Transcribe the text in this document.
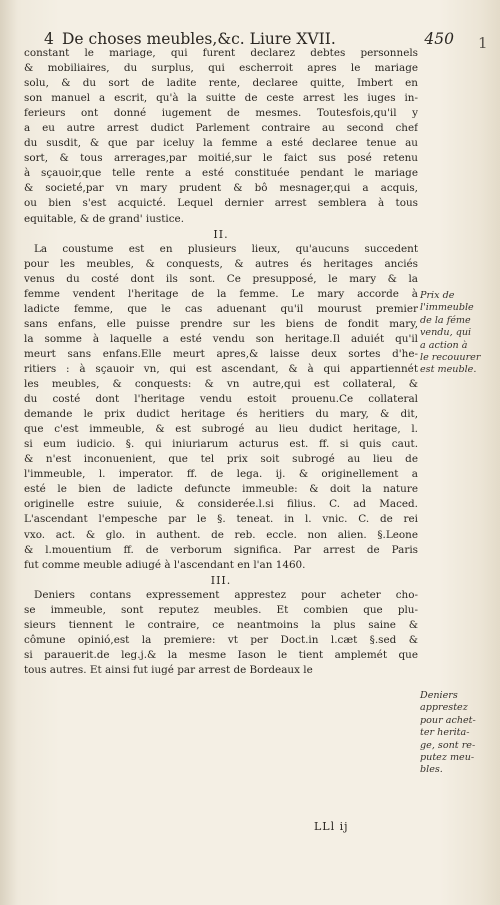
4 De choses meubles,&c. Liure XVII.	450 1
constant le mariage, qui furent declarez debtes personnels
& mobiliaires, du surplus, qui escherroit apres le mariage
solu, & du sort de ladite rente, declaree quitte, Imbert en
son manuel a escrit, qu'à la suitte de ceste arrest les iuges in-
ferieurs ont donné iugement de mesmes. Toutesfois,qu'il y
a eu autre arrest dudict Parlement contraire au second chef
du susdit, & que par iceluy la femme a esté declaree tenue au
sort, & tous arrerages,par moitié,sur le faict sus posé retenu
à sçauoir,que telle rente a esté constituée pendant le mariage
& societé,par vn mary prudent & bô mesnager,qui a acquis,
ou bien s'est acquicté. Lequel dernier arrest semblera à tous
equitable, & de grand' iustice.
II.
La coustume est en plusieurs lieux, qu'aucuns succedent
pour les meubles, & conquests, & autres és heritages anciés
venus du costé dont ils sont. Ce presupposé, le mary & la
femme vendent l'heritage de la femme. Le mary accorde à
ladicte femme, que le cas aduenant qu'il mourust premier
sans enfans, elle puisse prendre sur les biens de fondit mary,
la somme à laquelle a esté vendu son heritage.Il aduiét qu'il
meurt sans enfans.Elle meurt apres,& laisse deux sortes d'he-
ritiers : à sçauoir vn, qui est ascendant, & à qui appartiennét
les meubles, & conquests: & vn autre,qui est collateral, &
du costé dont l'heritage vendu estoit prouenu.Ce collateral
demande le prix dudict heritage és heritiers du mary, & dit,
que c'est immeuble, & est subrogé au lieu dudict heritage, l.
si eum iudicio. §. qui iniuriarum acturus est. ff. si quis caut.
& n'est inconuenient, que tel prix soit subrogé au lieu de
l'immeuble, l. imperator. ff. de lega. ij. & originellement a
esté le bien de ladicte defuncte immeuble: & doit la nature
originelle estre suiuie, & considerée.l.si filius. C. ad Maced.
L'ascendant l'empesche par le §. teneat. in l. vnic. C. de rei
vxo. act. & glo. in authent. de reb. eccle. non alien. §.Leone
& l.mouentium ff. de verborum significa. Par arrest de Paris
fut comme meuble adiugé à l'ascendant en l'an 1460.
III.
Deniers contans expressement apprestez pour acheter cho-
se immeuble, sont reputez meubles. Et combien que plu-
sieurs tiennent le contraire, ce neantmoins la plus saine &
cômune opinió,est la premiere: vt per Doct.in l.cæt §.sed &
si parauerit.de leg.j.& la mesme Iason le tient amplemét que
tous autres. Et ainsi fut iugé par arrest de Bordeaux le
Prix de
l'immeuble
de la féme
vendu, qui
a action à
le recouurer
est meuble.
Deniers
apprestez
pour achet-
ter herita-
ge, sont re-
putez meu-
bles.
LLl ij
